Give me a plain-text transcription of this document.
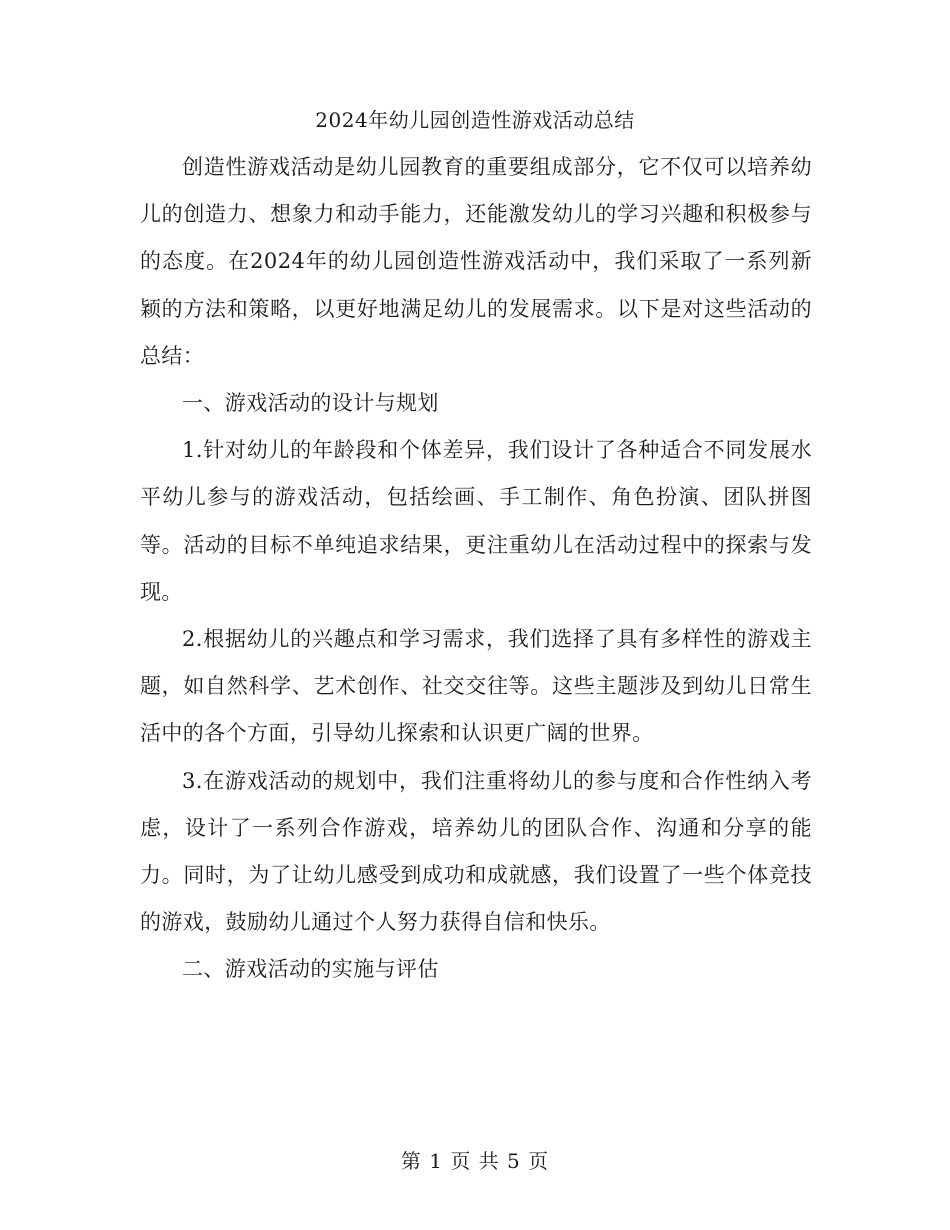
2024年幼儿园创造性游戏活动总结

创造性游戏活动是幼儿园教育的重要组成部分，它不仅可以培养幼儿的创造力、想象力和动手能力，还能激发幼儿的学习兴趣和积极参与的态度。在2024年的幼儿园创造性游戏活动中，我们采取了一系列新颖的方法和策略，以更好地满足幼儿的发展需求。以下是对这些活动的总结：

一、游戏活动的设计与规划

1.针对幼儿的年龄段和个体差异，我们设计了各种适合不同发展水平幼儿参与的游戏活动，包括绘画、手工制作、角色扮演、团队拼图等。活动的目标不单纯追求结果，更注重幼儿在活动过程中的探索与发现。

2.根据幼儿的兴趣点和学习需求，我们选择了具有多样性的游戏主题，如自然科学、艺术创作、社交交往等。这些主题涉及到幼儿日常生活中的各个方面，引导幼儿探索和认识更广阔的世界。

3.在游戏活动的规划中，我们注重将幼儿的参与度和合作性纳入考虑，设计了一系列合作游戏，培养幼儿的团队合作、沟通和分享的能力。同时，为了让幼儿感受到成功和成就感，我们设置了一些个体竞技的游戏，鼓励幼儿通过个人努力获得自信和快乐。

二、游戏活动的实施与评估

第 1 页 共 5 页
